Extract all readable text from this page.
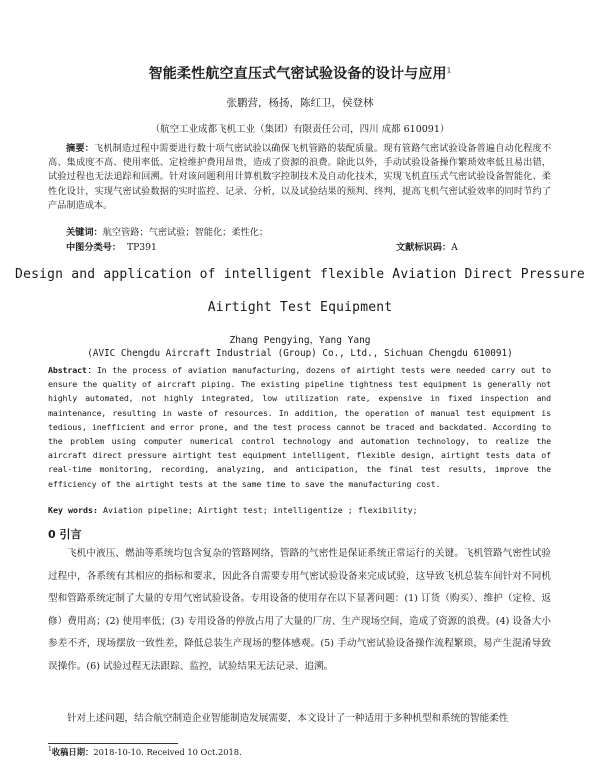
智能柔性航空直压式气密试验设备的设计与应用$^1$
张鹏营，杨扬，陈红卫，侯登林
（航空工业成都飞机工业（集团）有限责任公司，四川 成都 610091）
摘要：飞机制造过程中需要进行数十项气密试验以确保飞机管路的装配质量。现有管路气密试验设备普遍自动化程度不高、集成度不高、使用率低、定检维护费用昂贵，造成了资源的浪费。除此以外，手动试验设备操作繁琐效率低且易出错，试验过程也无法追踪和回溯。针对该问题利用计算机数字控制技术及自动化技术，实现飞机直压式气密试验设备智能化、柔性化设计，实现气密试验数据的实时监控、记录、分析，以及试验结果的预判、终判，提高飞机气密试验效率的同时节约了产品制造成本。
关键词：航空管路；气密试验；智能化；柔性化；
中图分类号： TP391	文献标识码：A
Design and application of intelligent flexible Aviation Direct Pressure
Airtight Test Equipment
Zhang Pengying，Yang Yang
(AVIC Chengdu Aircraft Industrial (Group) Co., Ltd., Sichuan Chengdu 610091)
Abstract：In the process of aviation manufacturing, dozens of airtight tests were needed carry out to ensure the quality of aircraft piping. The existing pipeline tightness test equipment is generally not highly automated, not highly integrated, low utilization rate, expensive in fixed inspection and maintenance, resulting in waste of resources. In addition, the operation of manual test equipment is tedious, inefficient and error prone, and the test process cannot be traced and backdated. According to the problem using computer numerical control technology and automation technology, to realize the aircraft direct pressure airtight test equipment intelligent, flexible design, airtight tests data of real-time monitoring, recording, analyzing, and anticipation, the final test results, improve the efficiency of the airtight tests at the same time to save the manufacturing cost.
Key words: Aviation pipeline; Airtight test; intelligentize ; flexibility;
0 引言
飞机中液压、燃油等系统均包含复杂的管路网络，管路的气密性是保证系统正常运行的关键。飞机管路气密性试验过程中，各系统有其相应的指标和要求，因此各自需要专用气密试验设备来完成试验，这导致飞机总装车间针对不同机型和管路系统定制了大量的专用气密试验设备。专用设备的使用存在以下显著问题：(1) 订货（购买）、维护（定检、返修）费用高；(2) 使用率低；(3) 专用设备的停放占用了大量的厂房、生产现场空间，造成了资源的浪费。(4) 设备大小参差不齐，现场摆放一致性差，降低总装生产现场的整体感观。(5) 手动气密试验设备操作流程繁琐，易产生混淆导致误操作。(6) 试验过程无法跟踪、监控，试验结果无法记录、追溯。
针对上述问题，结合航空制造企业智能制造发展需要，本文设计了一种适用于多种机型和系统的智能柔性
$^1$收稿日期：2018-10-10. Received 10 Oct.2018.
